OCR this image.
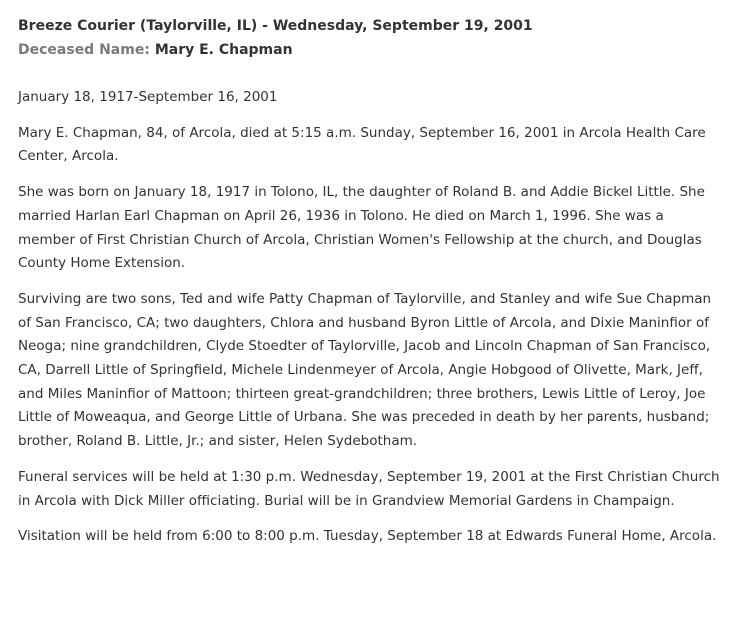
Breeze Courier (Taylorville, IL) - Wednesday, September 19, 2001

Deceased Name: Mary E. Chapman

January 18, 1917-September 16, 2001

Mary E. Chapman, 84, of Arcola, died at 5:15 a.m. Sunday, September 16, 2001 in Arcola Health Care Center, Arcola.

She was born on January 18, 1917 in Tolono, IL, the daughter of Roland B. and Addie Bickel Little. She married Harlan Earl Chapman on April 26, 1936 in Tolono. He died on March 1, 1996. She was a member of First Christian Church of Arcola, Christian Women's Fellowship at the church, and Douglas County Home Extension.

Surviving are two sons, Ted and wife Patty Chapman of Taylorville, and Stanley and wife Sue Chapman of San Francisco, CA; two daughters, Chlora and husband Byron Little of Arcola, and Dixie Maninfior of Neoga; nine grandchildren, Clyde Stoedter of Taylorville, Jacob and Lincoln Chapman of San Francisco, CA, Darrell Little of Springfield, Michele Lindenmeyer of Arcola, Angie Hobgood of Olivette, Mark, Jeff, and Miles Maninfior of Mattoon; thirteen great-grandchildren; three brothers, Lewis Little of Leroy, Joe Little of Moweaqua, and George Little of Urbana. She was preceded in death by her parents, husband; brother, Roland B. Little, Jr.; and sister, Helen Sydebotham.

Funeral services will be held at 1:30 p.m. Wednesday, September 19, 2001 at the First Christian Church in Arcola with Dick Miller officiating. Burial will be in Grandview Memorial Gardens in Champaign.

Visitation will be held from 6:00 to 8:00 p.m. Tuesday, September 18 at Edwards Funeral Home, Arcola.
